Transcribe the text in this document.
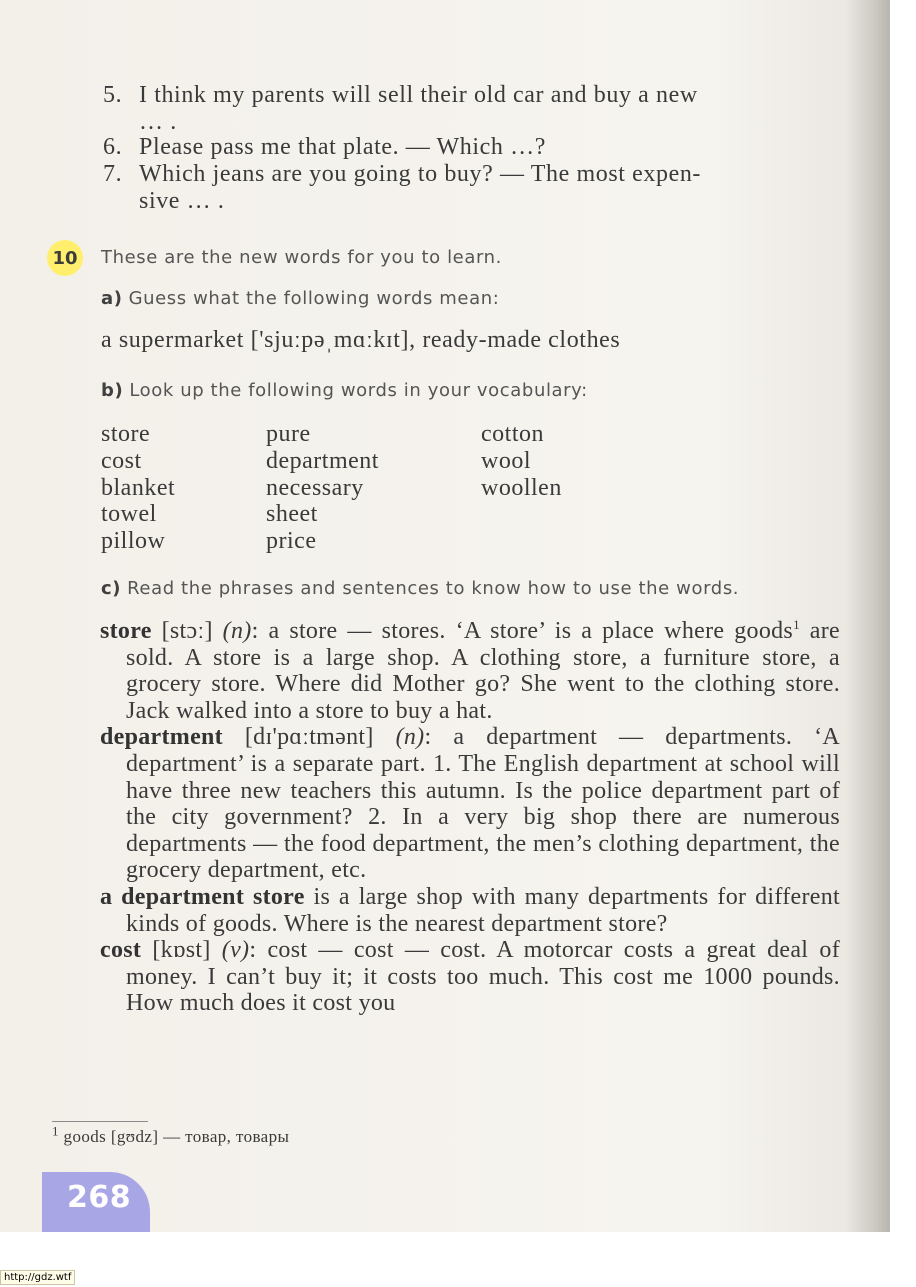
5. I think my parents will sell their old car and buy a new
… .
6. Please pass me that plate. — Which …?
7. Which jeans are you going to buy? — The most expen-
sive … .
10	These are the new words for you to learn.
a) Guess what the following words mean:
a supermarket ['sjuːpəˌmɑːkɪt], ready-made clothes
b) Look up the following words in your vocabulary:
store
cost
blanket
towel
pillow
pure
department
necessary
sheet
price
cotton
wool
woollen
c) Read the phrases and sentences to know how to use the words.
store [stɔː] (n): a store — stores. ‘A store’ is a place where goods$^1$ are sold. A store is a large shop. A clothing store, a furniture store, a grocery store. Where did Mother go? She went to the clothing store. Jack walked into a store to buy a hat.
department [dɪ'pɑːtmənt] (n): a department — departments. ‘A department’ is a separate part. 1. The English department at school will have three new teachers this autumn. Is the police department part of the city government? 2. In a very big shop there are numerous departments — the food department, the men’s clothing department, the grocery department, etc.
a department store is a large shop with many departments for different kinds of goods. Where is the nearest department store?
cost [kɒst] (v): cost — cost — cost. A motorcar costs a great deal of money. I can’t buy it; it costs too much. This cost me 1000 pounds. How much does it cost you
$^1$ goods [gʊdz] — товар, товары
268
http://gdz.wtf
